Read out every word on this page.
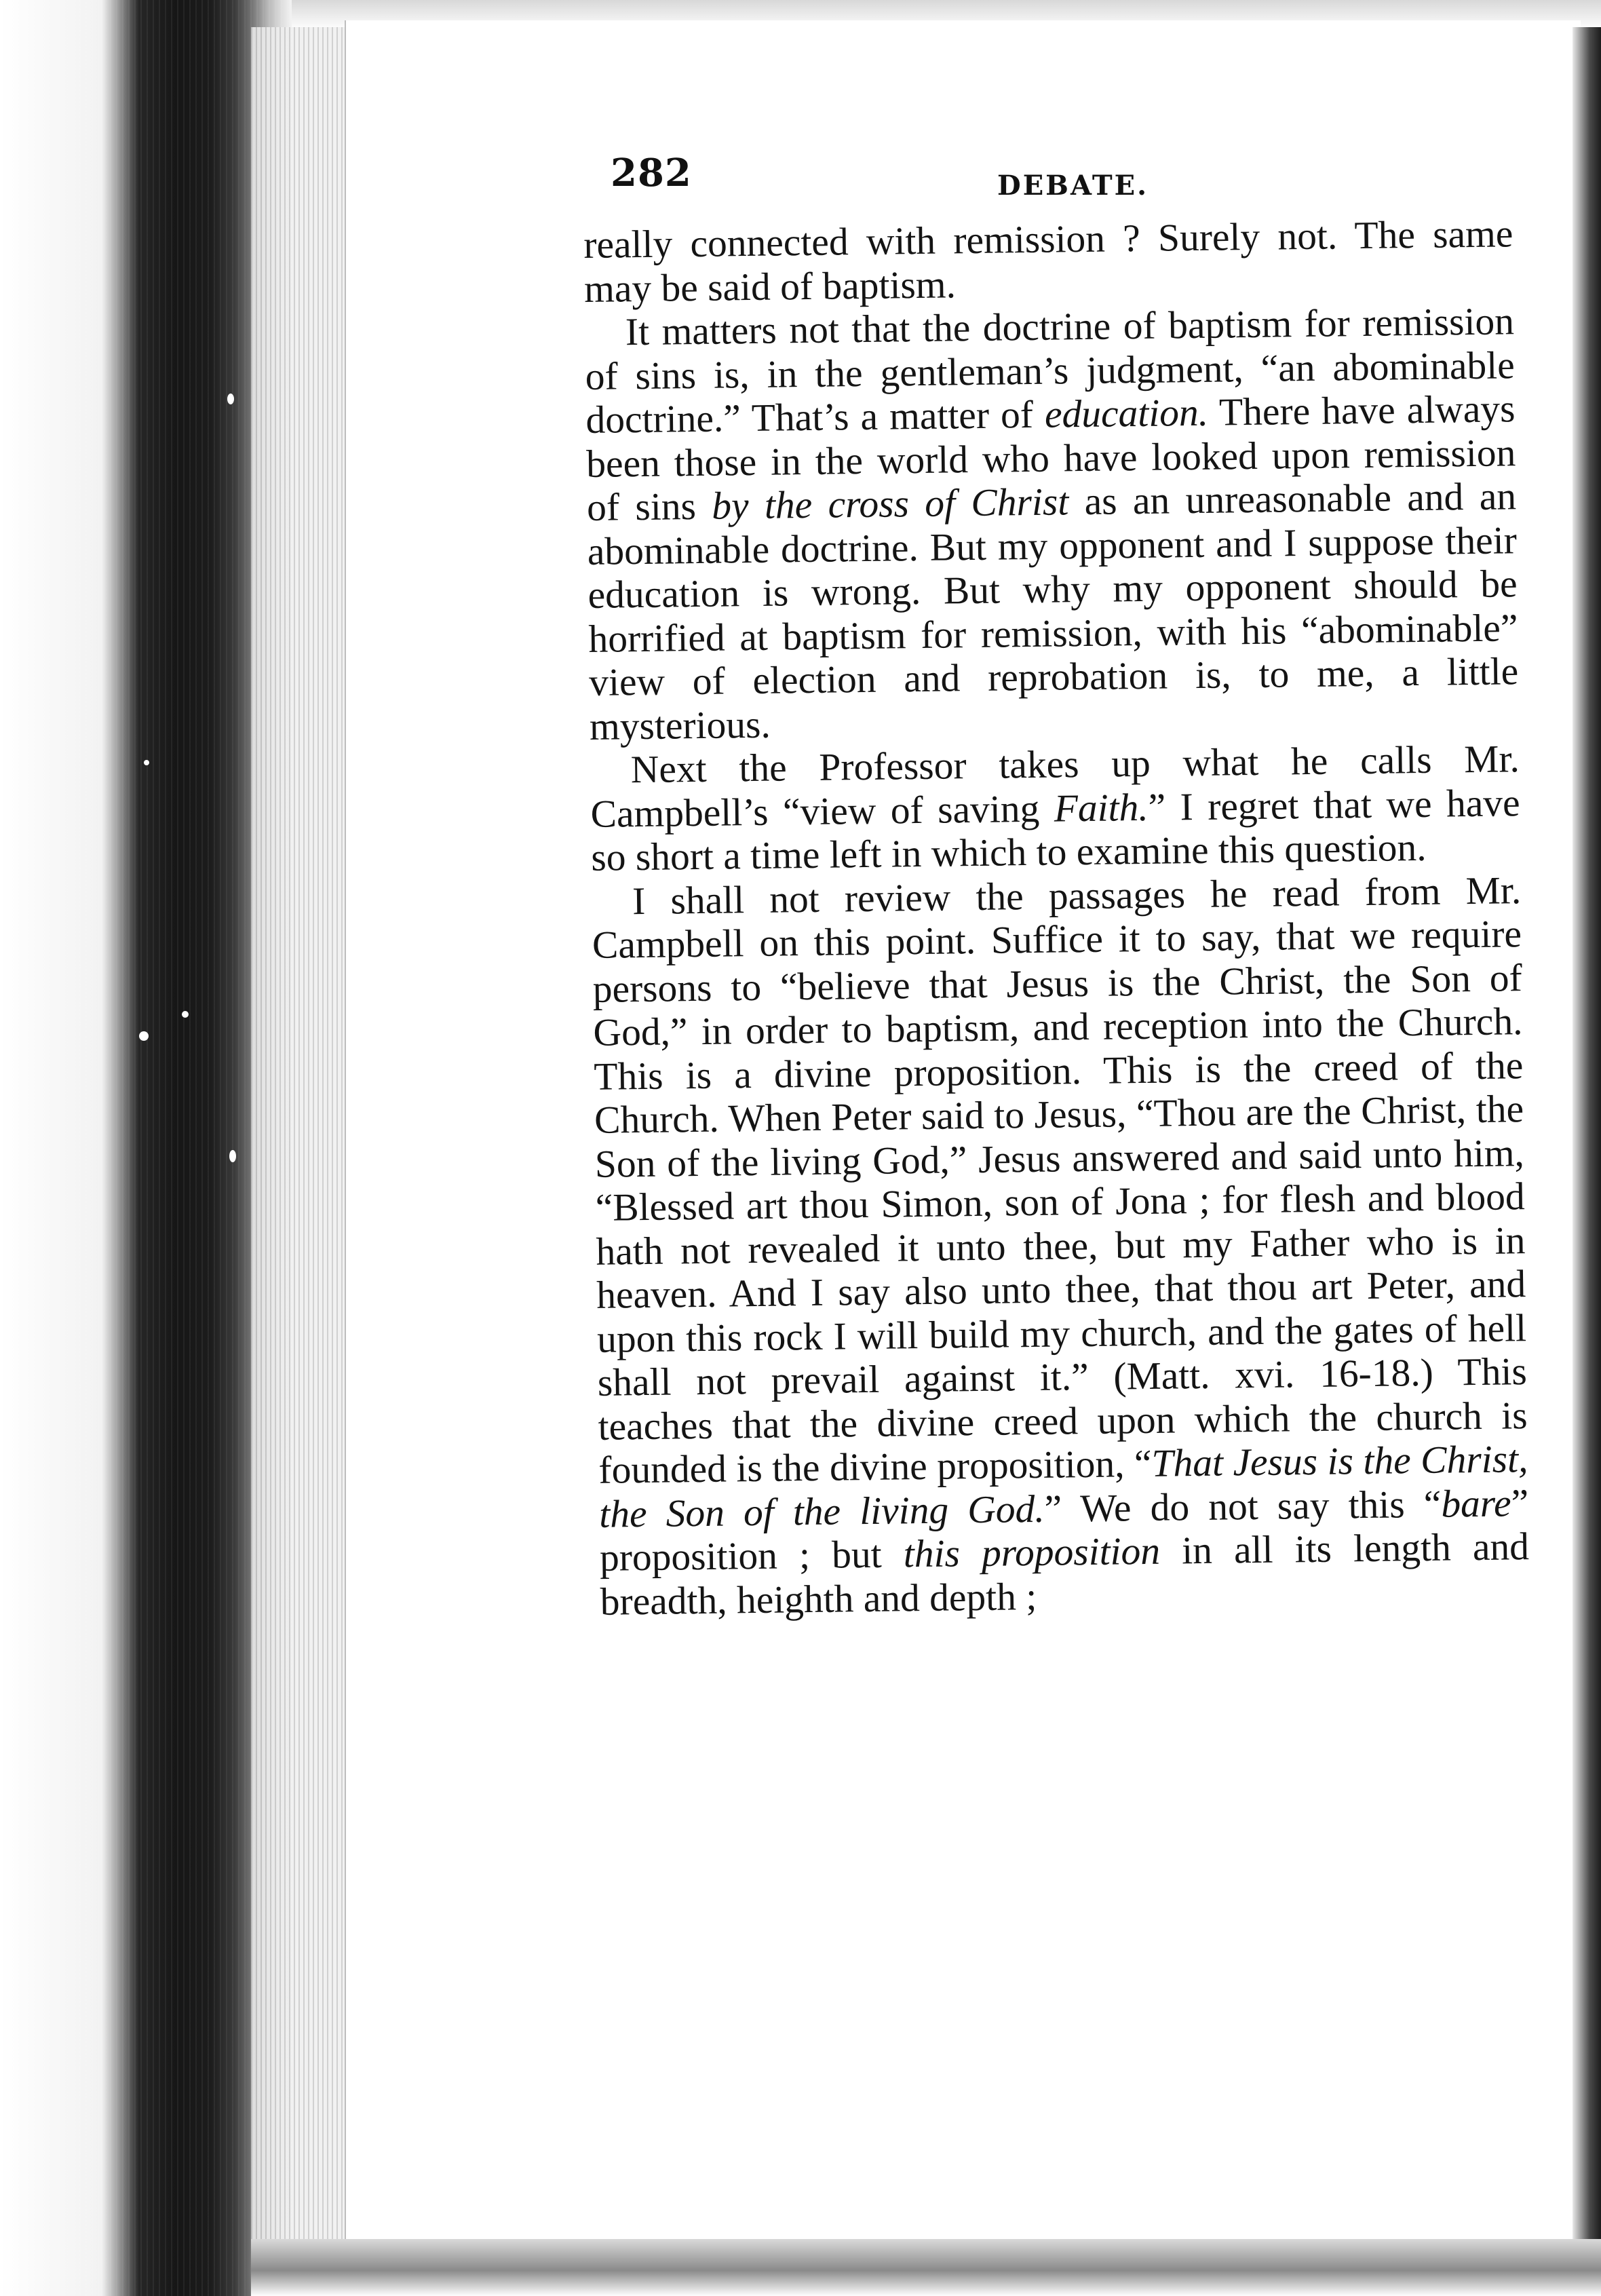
282	DEBATE.

really connected with remission ? Surely not. The same may be said of baptism.

It matters not that the doctrine of baptism for remission of sins is, in the gentleman’s judgment, “an abominable doctrine.” That’s a matter of education. There have always been those in the world who have looked upon remission of sins by the cross of Christ as an unreasonable and an abominable doctrine. But my opponent and I suppose their education is wrong. But why my opponent should be horrified at baptism for remission, with his “abominable” view of election and reprobation is, to me, a little mysterious.

Next the Professor takes up what he calls Mr. Campbell’s “view of saving Faith.” I regret that we have so short a time left in which to examine this question.

I shall not review the passages he read from Mr. Campbell on this point. Suffice it to say, that we require persons to “believe that Jesus is the Christ, the Son of God,” in order to baptism, and reception into the Church. This is a divine proposition. This is the creed of the Church. When Peter said to Jesus, “Thou are the Christ, the Son of the living God,” Jesus answered and said unto him, “Blessed art thou Simon, son of Jona ; for flesh and blood hath not revealed it unto thee, but my Father who is in heaven. And I say also unto thee, that thou art Peter, and upon this rock I will build my church, and the gates of hell shall not prevail against it.” (Matt. xvi. 16-18.) This teaches that the divine creed upon which the church is founded is the divine proposition, “That Jesus is the Christ, the Son of the living God.” We do not say this “bare” proposition ; but this proposition in all its length and breadth, heighth and depth ;
